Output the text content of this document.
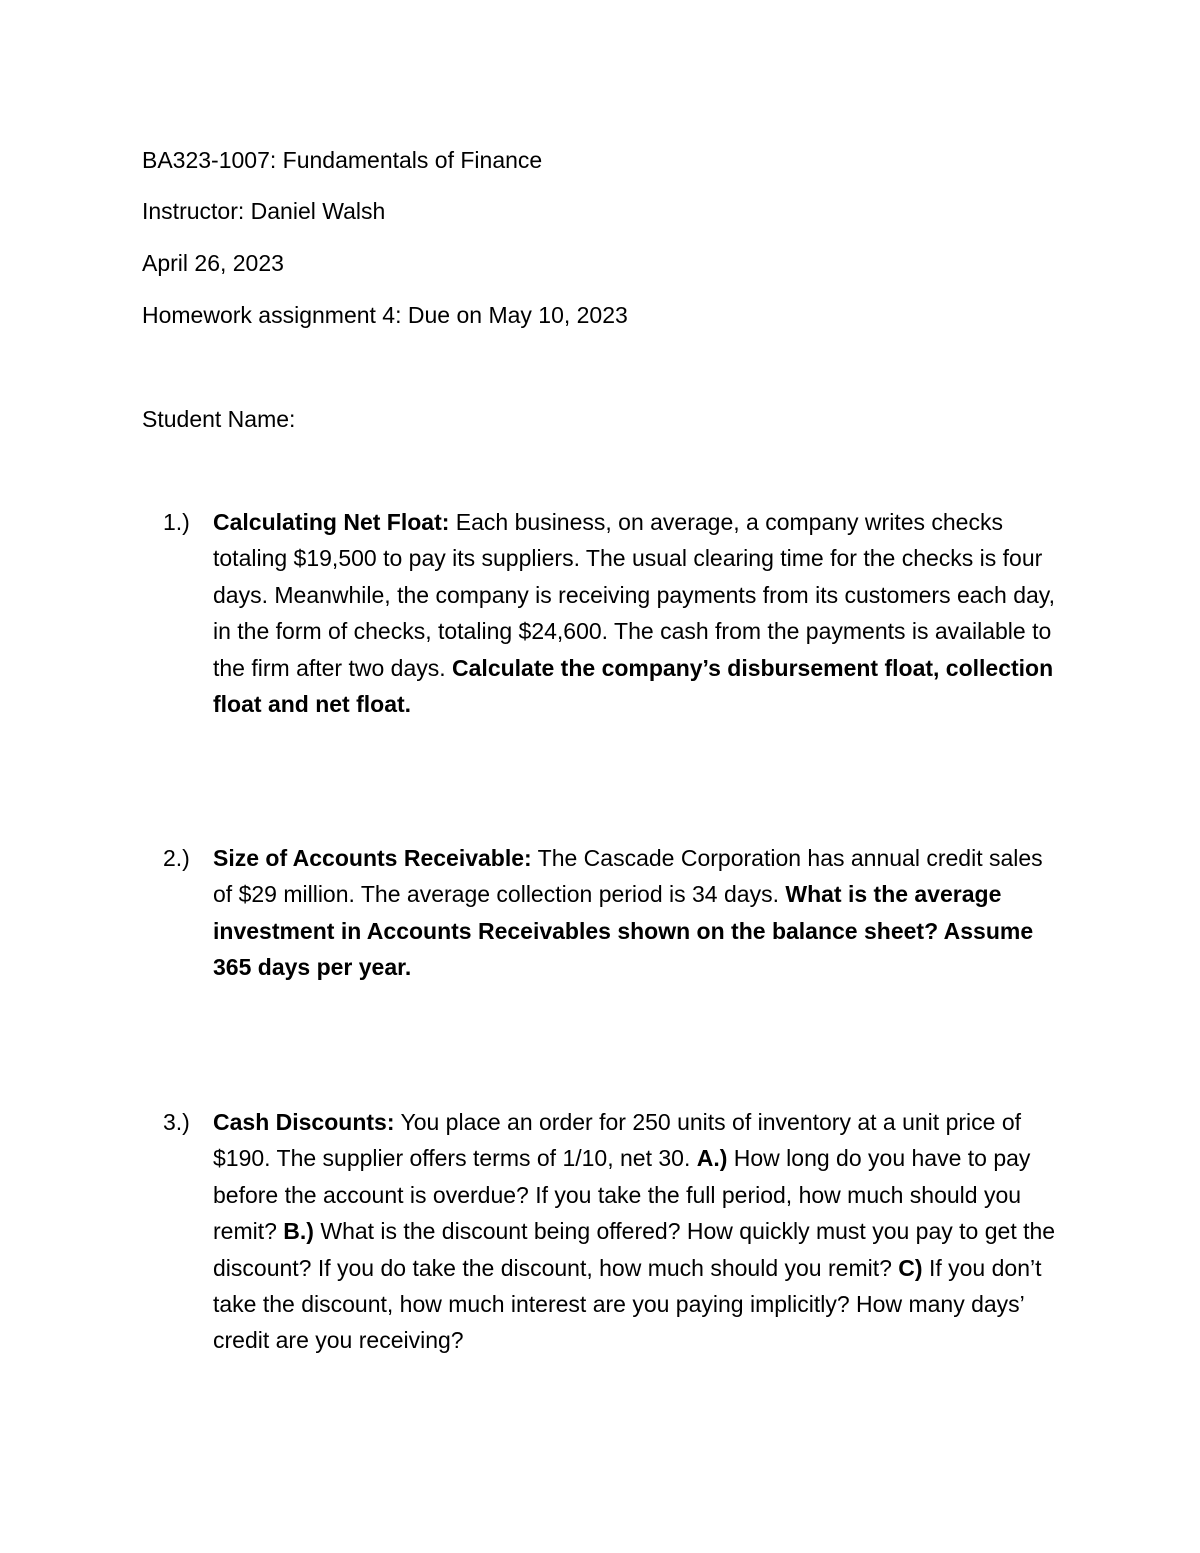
BA323-1007: Fundamentals of Finance
Instructor: Daniel Walsh
April 26, 2023
Homework assignment 4: Due on May 10, 2023
Student Name:
1.)	Calculating Net Float: Each business, on average, a company writes checks totaling $19,500 to pay its suppliers. The usual clearing time for the checks is four days. Meanwhile, the company is receiving payments from its customers each day, in the form of checks, totaling $24,600. The cash from the payments is available to the firm after two days. Calculate the company’s disbursement float, collection float and net float.
2.)	Size of Accounts Receivable: The Cascade Corporation has annual credit sales of $29 million. The average collection period is 34 days. What is the average investment in Accounts Receivables shown on the balance sheet? Assume 365 days per year.
3.)	Cash Discounts: You place an order for 250 units of inventory at a unit price of $190. The supplier offers terms of 1/10, net 30. A.) How long do you have to pay before the account is overdue? If you take the full period, how much should you remit? B.) What is the discount being offered? How quickly must you pay to get the discount? If you do take the discount, how much should you remit? C) If you don’t take the discount, how much interest are you paying implicitly? How many days’ credit are you receiving?
